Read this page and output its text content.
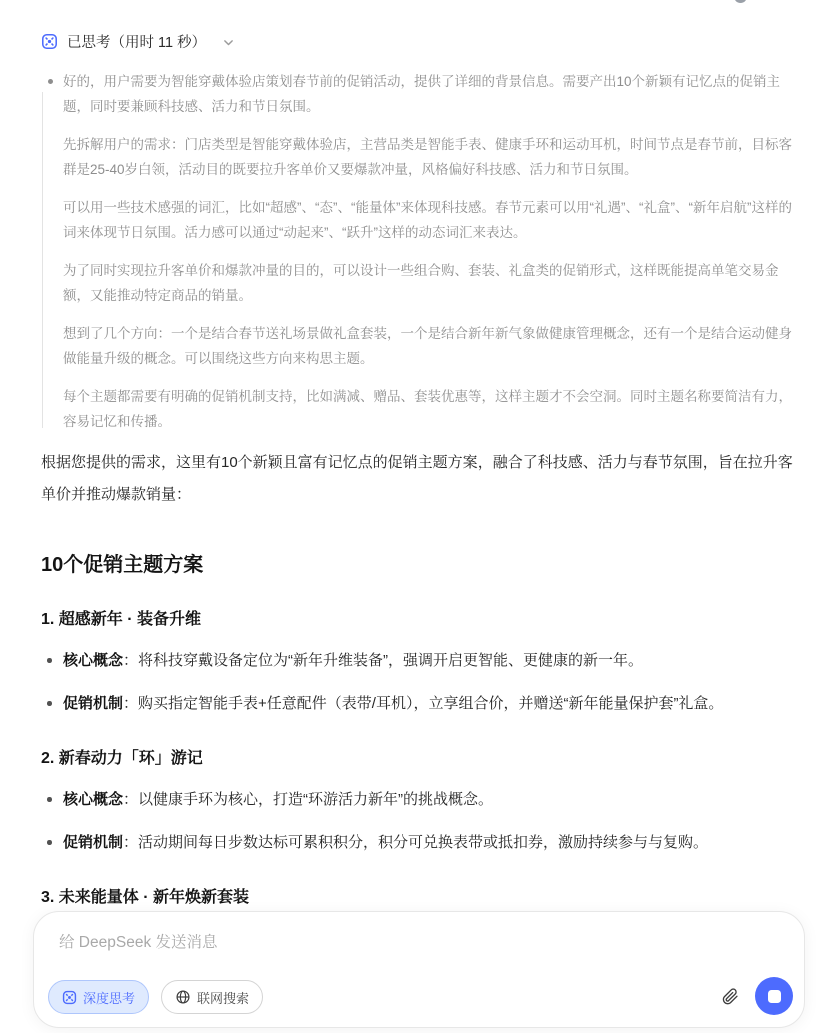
已思考（用时 11 秒）

好的，用户需要为智能穿戴体验店策划春节前的促销活动，提供了详细的背景信息。需要产出10个新颖有记忆点的促销主题，同时要兼顾科技感、活力和节日氛围。

先拆解用户的需求：门店类型是智能穿戴体验店，主营品类是智能手表、健康手环和运动耳机，时间节点是春节前，目标客群是25-40岁白领，活动目的既要拉升客单价又要爆款冲量，风格偏好科技感、活力和节日氛围。

可以用一些技术感强的词汇，比如“超感”、“态”、“能量体”来体现科技感。春节元素可以用“礼遇”、“礼盒”、“新年启航”这样的词来体现节日氛围。活力感可以通过“动起来”、“跃升”这样的动态词汇来表达。

为了同时实现拉升客单价和爆款冲量的目的，可以设计一些组合购、套装、礼盒类的促销形式，这样既能提高单笔交易金额，又能推动特定商品的销量。

想到了几个方向：一个是结合春节送礼场景做礼盒套装，一个是结合新年新气象做健康管理概念，还有一个是结合运动健身做能量升级的概念。可以围绕这些方向来构思主题。

每个主题都需要有明确的促销机制支持，比如满减、赠品、套装优惠等，这样主题才不会空洞。同时主题名称要简洁有力，容易记忆和传播。

根据您提供的需求，这里有10个新颖且富有记忆点的促销主题方案，融合了科技感、活力与春节氛围，旨在拉升客单价并推动爆款销量：

10个促销主题方案
1. 超感新年 · 装备升维
核心概念：将科技穿戴设备定位为“新年升维装备”，强调开启更智能、更健康的新一年。
促销机制：购买指定智能手表+任意配件（表带/耳机），立享组合价，并赠送“新年能量保护套”礼盒。
2. 新春动力「环」游记
核心概念：以健康手环为核心，打造“环游活力新年”的挑战概念。
促销机制：活动期间每日步数达标可累积积分，积分可兑换表带或抵扣券，激励持续参与与复购。
3. 未来能量体 · 新年焕新套装
给 DeepSeek 发送消息
深度思考	联网搜索
